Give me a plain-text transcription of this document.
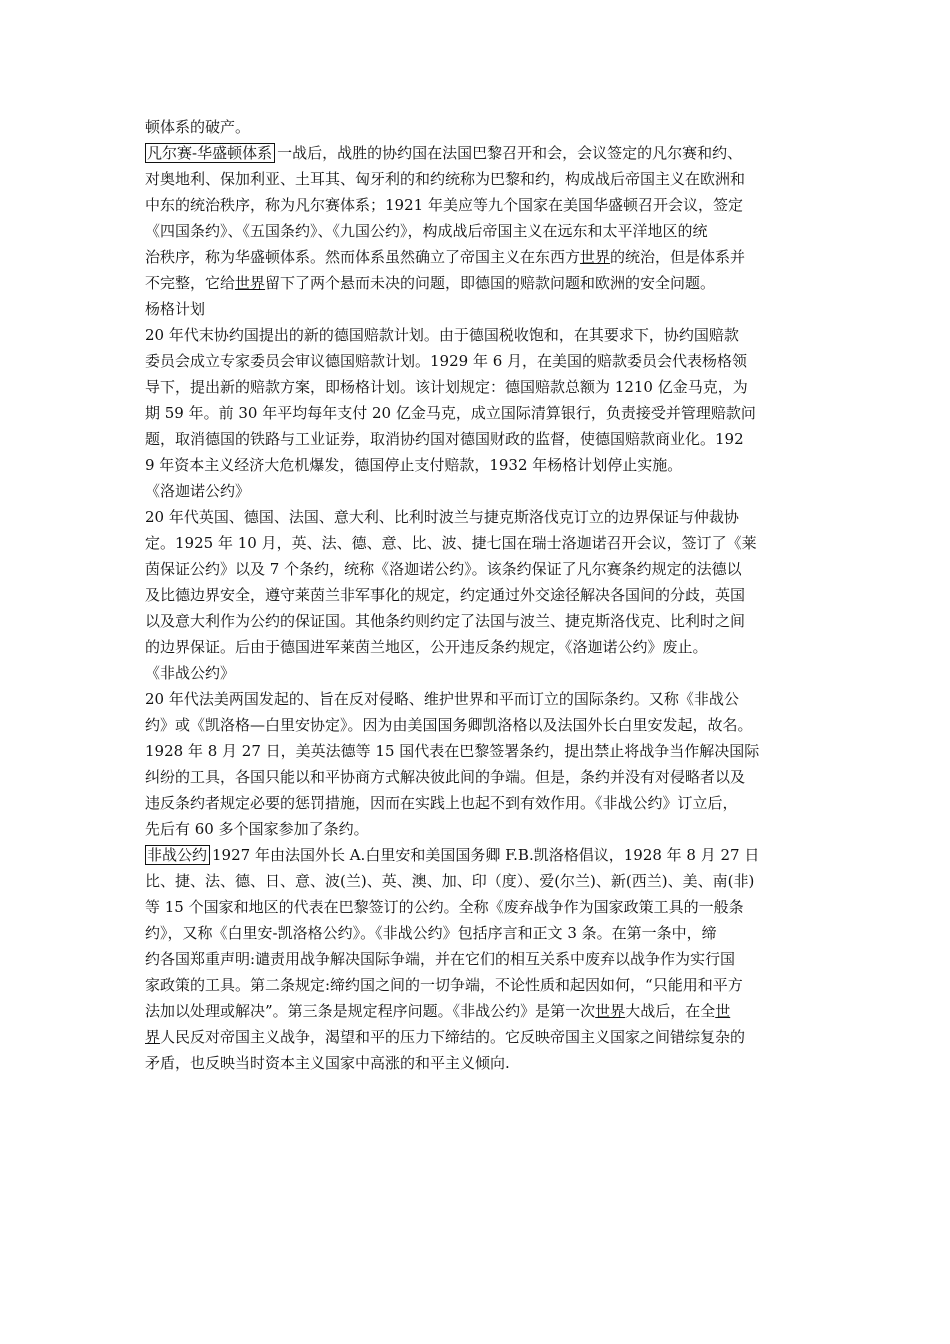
顿体系的破产。
凡尔赛-华盛顿体系 一战后，战胜的协约国在法国巴黎召开和会，会议签定的凡尔赛和约、
对奥地利、保加利亚、土耳其、匈牙利的和约统称为巴黎和约，构成战后帝国主义在欧洲和
中东的统治秩序，称为凡尔赛体系；1921 年美应等九个国家在美国华盛顿召开会议，签定
《四国条约》、《五国条约》、《九国公约》，构成战后帝国主义在远东和太平洋地区的统
治秩序，称为华盛顿体系。然而体系虽然确立了帝国主义在东西方世界的统治，但是体系并
不完整，它给世界留下了两个悬而未决的问题，即德国的赔款问题和欧洲的安全问题。
杨格计划
20 年代末协约国提出的新的德国赔款计划。由于德国税收饱和，在其要求下，协约国赔款
委员会成立专家委员会审议德国赔款计划。1929 年 6 月，在美国的赔款委员会代表杨格领
导下，提出新的赔款方案，即杨格计划。该计划规定：德国赔款总额为 1210 亿金马克，为
期 59 年。前 30 年平均每年支付 20 亿金马克，成立国际清算银行，负责接受并管理赔款问
题，取消德国的铁路与工业证券，取消协约国对德国财政的监督，使德国赔款商业化。192
9 年资本主义经济大危机爆发，德国停止支付赔款，1932 年杨格计划停止实施。
《洛迦诺公约》
20 年代英国、德国、法国、意大利、比利时波兰与捷克斯洛伐克订立的边界保证与仲裁协
定。1925 年 10 月，英、法、德、意、比、波、捷七国在瑞士洛迦诺召开会议，签订了《莱
茵保证公约》以及 7 个条约，统称《洛迦诺公约》。该条约保证了凡尔赛条约规定的法德以
及比德边界安全，遵守莱茵兰非军事化的规定，约定通过外交途径解决各国间的分歧，英国
以及意大利作为公约的保证国。其他条约则约定了法国与波兰、捷克斯洛伐克、比利时之间
的边界保证。后由于德国进军莱茵兰地区，公开违反条约规定，《洛迦诺公约》废止。
《非战公约》
20 年代法美两国发起的、旨在反对侵略、维护世界和平而订立的国际条约。又称《非战公
约》或《凯洛格—白里安协定》。因为由美国国务卿凯洛格以及法国外长白里安发起，故名。
1928 年 8 月 27 日，美英法德等 15 国代表在巴黎签署条约，提出禁止将战争当作解决国际
纠纷的工具，各国只能以和平协商方式解决彼此间的争端。但是，条约并没有对侵略者以及
违反条约者规定必要的惩罚措施，因而在实践上也起不到有效作用。《非战公约》订立后，
先后有 60 多个国家参加了条约。
非战公约 1927 年由法国外长 A.白里安和美国国务卿 F.B.凯洛格倡议，1928 年 8 月 27 日
比、捷、法、德、日、意、波(兰)、英、澳、加、印（度）、爱(尔兰)、新(西兰)、美、南(非)
等 15 个国家和地区的代表在巴黎签订的公约。全称《废弃战争作为国家政策工具的一般条
约》，又称《白里安-凯洛格公约》。《非战公约》包括序言和正文 3 条。在第一条中，缔
约各国郑重声明:谴责用战争解决国际争端，并在它们的相互关系中废弃以战争作为实行国
家政策的工具。第二条规定:缔约国之间的一切争端，不论性质和起因如何，“只能用和平方
法加以处理或解决”。第三条是规定程序问题。《非战公约》是第一次世界大战后，在全世
界人民反对帝国主义战争，渴望和平的压力下缔结的。它反映帝国主义国家之间错综复杂的
矛盾，也反映当时资本主义国家中高涨的和平主义倾向.
